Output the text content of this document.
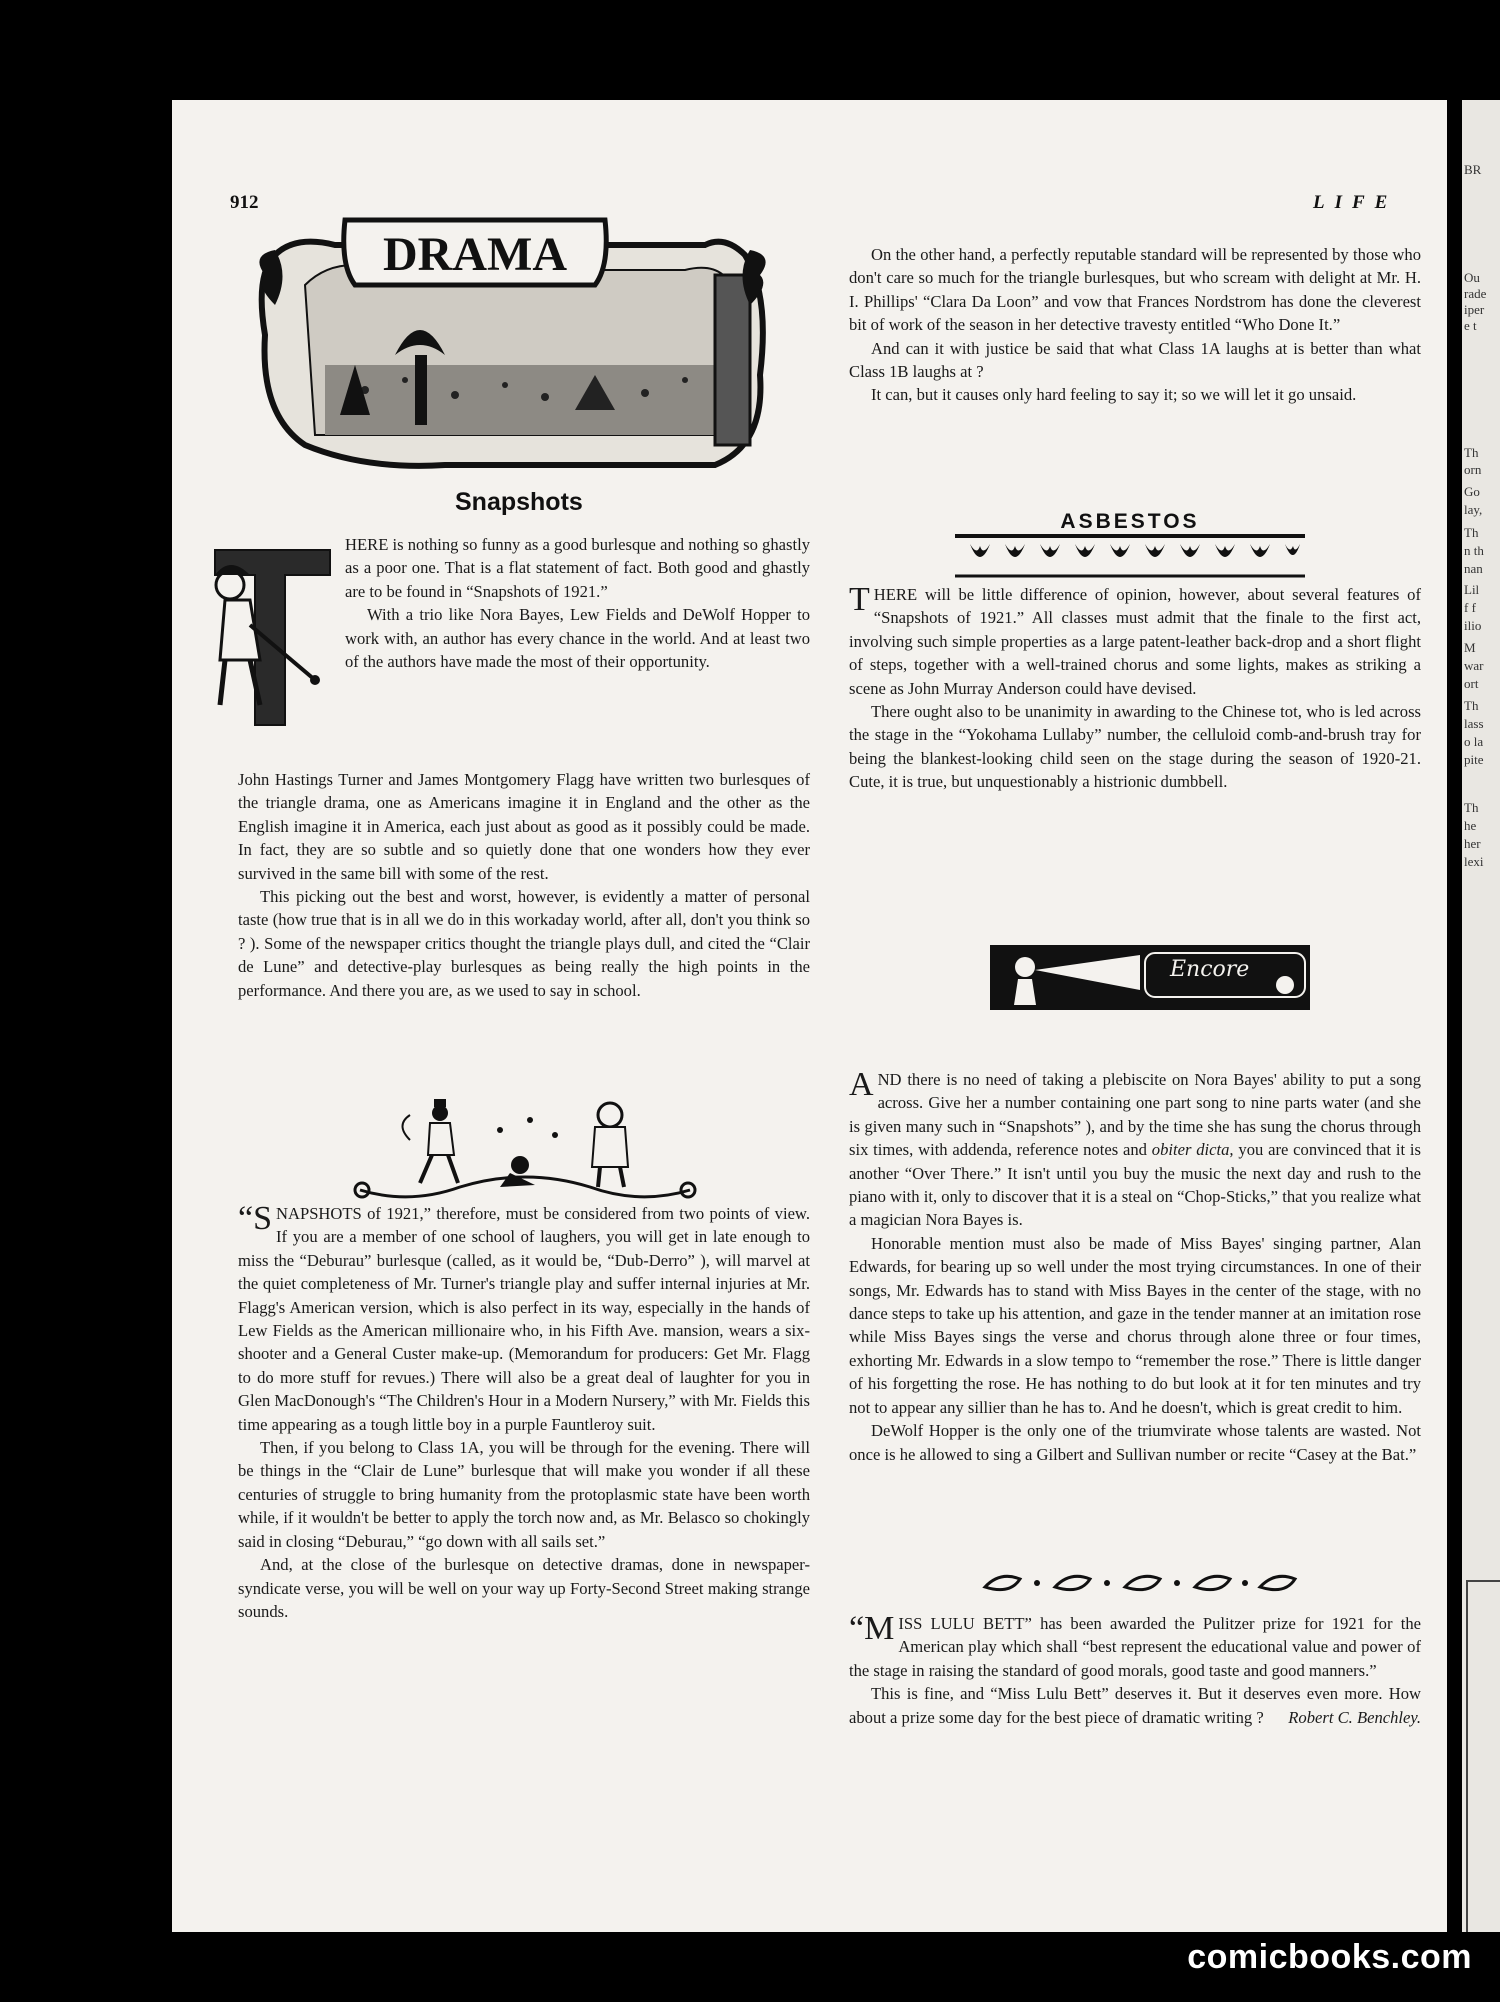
BR
Ou
rade
iper
e t
Th
orn
Go
lay,
Th
n th
nan
Lil
f f
ilio
M
war
ort
Th
lass
o la
pite
Th
he
her
lexi
912	LIFE
DRAMA
Snapshots

HERE is nothing so funny as a good burlesque and nothing so ghastly as a poor one. That is a flat statement of fact. Both good and ghastly are to be found in “Snapshots of 1921.”

With a trio like Nora Bayes, Lew Fields and DeWolf Hopper to work with, an author has every chance in the world. And at least two of the authors have made the most of their opportunity.

John Hastings Turner and James Montgomery Flagg have written two burlesques of the triangle drama, one as Americans imagine it in England and the other as the English imagine it in America, each just about as good as it possibly could be made. In fact, they are so subtle and so quietly done that one wonders how they ever survived in the same bill with some of the rest.

This picking out the best and worst, however, is evidently a matter of personal taste (how true that is in all we do in this workaday world, after all, don't you think so ? ). Some of the newspaper critics thought the triangle plays dull, and cited the “Clair de Lune” and detective-play burlesques as being really the high points in the performance. And there you are, as we used to say in school.

“SNAPSHOTS of 1921,” therefore, must be considered from two points of view. If you are a member of one school of laughers, you will get in late enough to miss the “Deburau” burlesque (called, as it would be, “Dub-Derro” ), will marvel at the quiet completeness of Mr. Turner's triangle play and suffer internal injuries at Mr. Flagg's American version, which is also perfect in its way, especially in the hands of Lew Fields as the American millionaire who, in his Fifth Ave. mansion, wears a six-shooter and a General Custer make-up. (Memorandum for producers: Get Mr. Flagg to do more stuff for revues.) There will also be a great deal of laughter for you in Glen MacDonough's “The Children's Hour in a Modern Nursery,” with Mr. Fields this time appearing as a tough little boy in a purple Fauntleroy suit.

Then, if you belong to Class 1A, you will be through for the evening. There will be things in the “Clair de Lune” burlesque that will make you wonder if all these centuries of struggle to bring humanity from the protoplasmic state have been worth while, if it wouldn't be better to apply the torch now and, as Mr. Belasco so chokingly said in closing “Deburau,” “go down with all sails set.”

And, at the close of the burlesque on detective dramas, done in newspaper-syndicate verse, you will be well on your way up Forty-Second Street making strange sounds.

On the other hand, a perfectly reputable standard will be represented by those who don't care so much for the triangle burlesques, but who scream with delight at Mr. H. I. Phillips' “Clara Da Loon” and vow that Frances Nordstrom has done the cleverest bit of work of the season in her detective travesty entitled “Who Done It.”

And can it with justice be said that what Class 1A laughs at is better than what Class 1B laughs at ?

It can, but it causes only hard feeling to say it; so we will let it go unsaid.

ASBESTOS

THERE will be little difference of opinion, however, about several features of “Snapshots of 1921.” All classes must admit that the finale to the first act, involving such simple properties as a large patent-leather back-drop and a short flight of steps, together with a well-trained chorus and some lights, makes as striking a scene as John Murray Anderson could have devised.

There ought also to be unanimity in awarding to the Chinese tot, who is led across the stage in the “Yokohama Lullaby” number, the celluloid comb-and-brush tray for being the blankest-looking child seen on the stage during the season of 1920-21. Cute, it is true, but unquestionably a histrionic dumbbell.

Encore

AND there is no need of taking a plebiscite on Nora Bayes' ability to put a song across. Give her a number containing one part song to nine parts water (and she is given many such in “Snapshots” ), and by the time she has sung the chorus through six times, with addenda, reference notes and obiter dicta, you are convinced that it is another “Over There.” It isn't until you buy the music the next day and rush to the piano with it, only to discover that it is a steal on “Chop-Sticks,” that you realize what a magician Nora Bayes is.

Honorable mention must also be made of Miss Bayes' singing partner, Alan Edwards, for bearing up so well under the most trying circumstances. In one of their songs, Mr. Edwards has to stand with Miss Bayes in the center of the stage, with no dance steps to take up his attention, and gaze in the tender manner at an imitation rose while Miss Bayes sings the verse and chorus through alone three or four times, exhorting Mr. Edwards in a slow tempo to “remember the rose.” There is little danger of his forgetting the rose. He has nothing to do but look at it for ten minutes and try not to appear any sillier than he has to. And he doesn't, which is great credit to him.

DeWolf Hopper is the only one of the triumvirate whose talents are wasted. Not once is he allowed to sing a Gilbert and Sullivan number or recite “Casey at the Bat.”

“MISS LULU BETT” has been awarded the Pulitzer prize for 1921 for the American play which shall “best represent the educational value and power of the stage in raising the standard of good morals, good taste and good manners.”

This is fine, and “Miss Lulu Bett” deserves it. But it deserves even more. How about a prize some day for the best piece of dramatic writing ?	Robert C. Benchley.

comicbooks.com
